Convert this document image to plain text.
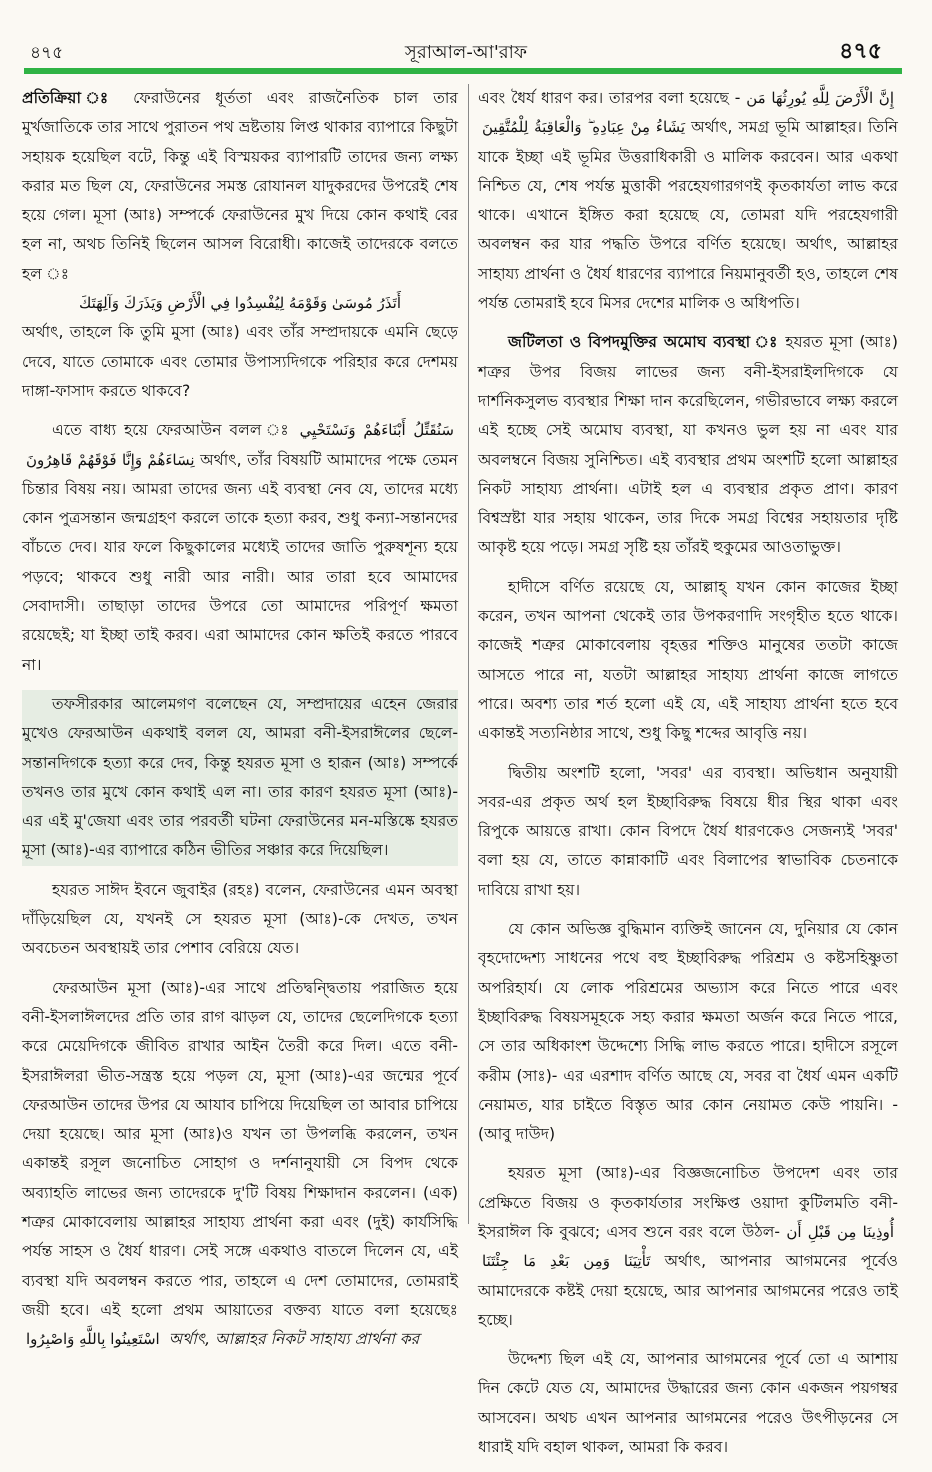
৪৭৫	সূরাআল-আ'রাফ	৪৭৫

প্রতিক্রিয়া ঃ ফেরাউনের ধূর্ততা এবং রাজনৈতিক চাল তার মুর্খজাতিকে তার সাথে পুরাতন পথ ভ্রষ্টতায় লিপ্ত থাকার ব্যাপারে কিছুটা সহায়ক হয়েছিল বটে, কিন্তু এই বিস্ময়কর ব্যাপারটি তাদের জন্য লক্ষ্য করার মত ছিল যে, ফেরাউনের সমস্ত রোযানল যাদুকরদের উপরেই শেষ হয়ে গেল। মূসা (আঃ) সম্পর্কে ফেরাউনের মুখ দিয়ে কোন কথাই বের হল না, অথচ তিনিই ছিলেন আসল বিরোধী। কাজেই তাদেরকে বলতে হল ঃ
أَتَذَرُ مُوسَىٰ وَقَوْمَهُ لِيُفْسِدُوا فِي الْأَرْضِ وَيَذَرَكَ وَآلِهَتَكَ
অর্থাৎ, তাহলে কি তুমি মুসা (আঃ) এবং তাঁর সম্প্রদায়কে এমনি ছেড়ে দেবে, যাতে তোমাকে এবং তোমার উপাস্যদিগকে পরিহার করে দেশময় দাঙ্গা-ফাসাদ করতে থাকবে?

এতে বাধ্য হয়ে ফেরআউন বলল ঃ سَنُقَتِّلُ أَبْنَاءَهُمْ وَنَسْتَحْيِي نِسَاءَهُمْ وَإِنَّا فَوْقَهُمْ قَاهِرُونَ অর্থাৎ, তাঁর বিষয়টি আমাদের পক্ষে তেমন চিন্তার বিষয় নয়। আমরা তাদের জন্য এই ব্যবস্থা নেব যে, তাদের মধ্যে কোন পুত্রসন্তান জন্মগ্রহণ করলে তাকে হত্যা করব, শুধু কন্যা-সন্তানদের বাঁচতে দেব। যার ফলে কিছুকালের মধ্যেই তাদের জাতি পুরুষশূন্য হয়ে পড়বে; থাকবে শুধু নারী আর নারী। আর তারা হবে আমাদের সেবাদাসী। তাছাড়া তাদের উপরে তো আমাদের পরিপূর্ণ ক্ষমতা রয়েছেই; যা ইচ্ছা তাই করব। এরা আমাদের কোন ক্ষতিই করতে পারবে না।

তফসীরকার আলেমগণ বলেছেন যে, সম্প্রদায়ের এহেন জেরার মুখেও ফেরআউন একথাই বলল যে, আমরা বনী-ইসরাঈলের ছেলে-সন্তানদিগকে হত্যা করে দেব, কিন্তু হযরত মূসা ও হারূন (আঃ) সম্পর্কে তখনও তার মুখে কোন কথাই এল না। তার কারণ হযরত মূসা (আঃ)- এর এই মু'জেযা এবং তার পরবর্তী ঘটনা ফেরাউনের মন-মস্তিষ্কে হযরত মূসা (আঃ)-এর ব্যাপারে কঠিন ভীতির সঞ্চার করে দিয়েছিল।

হযরত সাঈদ ইবনে জুবাইর (রহঃ) বলেন, ফেরাউনের এমন অবস্থা দাঁড়িয়েছিল যে, যখনই সে হযরত মূসা (আঃ)-কে দেখত, তখন অবচেতন অবস্থায়ই তার পেশাব বেরিয়ে যেত।

ফেরআউন মূসা (আঃ)-এর সাথে প্রতিদ্বন্দ্বিতায় পরাজিত হয়ে বনী-ইসলাঈলদের প্রতি তার রাগ ঝাড়ল যে, তাদের ছেলেদিগকে হত্যা করে মেয়েদিগকে জীবিত রাখার আইন তৈরী করে দিল। এতে বনী-ইসরাঈলরা ভীত-সন্ত্রস্ত হয়ে পড়ল যে, মূসা (আঃ)-এর জন্মের পূর্বে ফেরআউন তাদের উপর যে আযাব চাপিয়ে দিয়েছিল তা আবার চাপিয়ে দেয়া হয়েছে। আর মূসা (আঃ)ও যখন তা উপলব্ধি করলেন, তখন একান্তই রসূল জনোচিত সোহাগ ও দর্শনানুযায়ী সে বিপদ থেকে অব্যাহতি লাভের জন্য তাদেরকে দু'টি বিষয় শিক্ষাদান করলেন। (এক) শত্রুর মোকাবেলায় আল্লাহর সাহায্য প্রার্থনা করা এবং (দুই) কার্যসিদ্ধি পর্যন্ত সাহস ও ধৈর্য ধারণ। সেই সঙ্গে একথাও বাতলে দিলেন যে, এই ব্যবস্থা যদি অবলম্বন করতে পার, তাহলে এ দেশ তোমাদের, তোমরাই জয়ী হবে। এই হলো প্রথম আয়াতের বক্তব্য যাতে বলা হয়েছেঃ اسْتَعِينُوا بِاللَّهِ وَاصْبِرُوا অর্থাৎ, আল্লাহর নিকট সাহায্য প্রার্থনা কর

এবং ধৈর্য ধারণ কর। তারপর বলা হয়েছে - إِنَّ الْأَرْضَ لِلَّهِ يُورِثُهَا مَن يَشَاءُ مِنْ عِبَادِهِ ۖ وَالْعَاقِبَةُ لِلْمُتَّقِينَ অর্থাৎ, সমগ্র ভূমি আল্লাহর। তিনি যাকে ইচ্ছা এই ভূমির উত্তরাধিকারী ও মালিক করবেন। আর একথা নিশ্চিত যে, শেষ পর্যন্ত মুত্তাকী পরহেযগারগণই কৃতকার্যতা লাভ করে থাকে। এখানে ইঙ্গিত করা হয়েছে যে, তোমরা যদি পরহেযগারী অবলম্বন কর যার পদ্ধতি উপরে বর্ণিত হয়েছে। অর্থাৎ, আল্লাহর সাহায্য প্রার্থনা ও ধৈর্য ধারণের ব্যাপারে নিয়মানুবর্তী হও, তাহলে শেষ পর্যন্ত তোমরাই হবে মিসর দেশের মালিক ও অধিপতি।

জটিলতা ও বিপদমুক্তির অমোঘ ব্যবস্থা ঃ হযরত মূসা (আঃ) শত্রুর উপর বিজয় লাভের জন্য বনী-ইসরাইলদিগকে যে দার্শনিকসুলভ ব্যবস্থার শিক্ষা দান করেছিলেন, গভীরভাবে লক্ষ্য করলে এই হচ্ছে সেই অমোঘ ব্যবস্থা, যা কখনও ভুল হয় না এবং যার অবলম্বনে বিজয় সুনিশ্চিত। এই ব্যবস্থার প্রথম অংশটি হলো আল্লাহর নিকট সাহায্য প্রার্থনা। এটাই হল এ ব্যবস্থার প্রকৃত প্রাণ। কারণ বিশ্বস্রষ্টা যার সহায় থাকেন, তার দিকে সমগ্র বিশ্বের সহায়তার দৃষ্টি আকৃষ্ট হয়ে পড়ে। সমগ্র সৃষ্টি হয় তাঁরই হুকুমের আওতাভুক্ত।

হাদীসে বর্ণিত রয়েছে যে, আল্লাহ্ যখন কোন কাজের ইচ্ছা করেন, তখন আপনা থেকেই তার উপকরণাদি সংগৃহীত হতে থাকে। কাজেই শত্রুর মোকাবেলায় বৃহত্তর শক্তিও মানুষের ততটা কাজে আসতে পারে না, যতটা আল্লাহর সাহায্য প্রার্থনা কাজে লাগতে পারে। অবশ্য তার শর্ত হলো এই যে, এই সাহায্য প্রার্থনা হতে হবে একান্তই সত্যনিষ্ঠার সাথে, শুধু কিছু শব্দের আবৃত্তি নয়।

দ্বিতীয় অংশটি হলো, 'সবর' এর ব্যবস্থা। অভিধান অনুযায়ী সবর-এর প্রকৃত অর্থ হল ইচ্ছাবিরুদ্ধ বিষয়ে ধীর স্থির থাকা এবং রিপুকে আয়ত্তে রাখা। কোন বিপদে ধৈর্য ধারণকেও সেজন্যই 'সবর' বলা হয় যে, তাতে কান্নাকাটি এবং বিলাপের স্বাভাবিক চেতনাকে দাবিয়ে রাখা হয়।

যে কোন অভিজ্ঞ বুদ্ধিমান ব্যক্তিই জানেন যে, দুনিয়ার যে কোন বৃহদোদ্দেশ্য সাধনের পথে বহু ইচ্ছাবিরুদ্ধ পরিশ্রম ও কষ্টসহিষ্ণুতা অপরিহার্য। যে লোক পরিশ্রমের অভ্যাস করে নিতে পারে এবং ইচ্ছাবিরুদ্ধ বিষয়সমূহকে সহ্য করার ক্ষমতা অর্জন করে নিতে পারে, সে তার অধিকাংশ উদ্দেশ্যে সিদ্ধি লাভ করতে পারে। হাদীসে রসূলে করীম (সাঃ)- এর এরশাদ বর্ণিত আছে যে, সবর বা ধৈর্য এমন একটি নেয়ামত, যার চাইতে বিস্তৃত আর কোন নেয়ামত কেউ পায়নি। - (আবু দাউদ)

হযরত মূসা (আঃ)-এর বিজ্ঞজনোচিত উপদেশ এবং তার প্রেক্ষিতে বিজয় ও কৃতকার্যতার সংক্ষিপ্ত ওয়াদা কুটিলমতি বনী-ইসরাঈল কি বুঝবে; এসব শুনে বরং বলে উঠল- أُوذِينَا مِن قَبْلِ أَن تَأْتِيَنَا وَمِن بَعْدِ مَا جِئْتَنَا অর্থাৎ, আপনার আগমনের পূর্বেও আমাদেরকে কষ্টই দেয়া হয়েছে, আর আপনার আগমনের পরেও তাই হচ্ছে।

উদ্দেশ্য ছিল এই যে, আপনার আগমনের পূর্বে তো এ আশায় দিন কেটে যেত যে, আমাদের উদ্ধারের জন্য কোন একজন পয়গম্বর আসবেন। অথচ এখন আপনার আগমনের পরেও উৎপীড়নের সে ধারাই যদি বহাল থাকল, আমরা কি করব।
